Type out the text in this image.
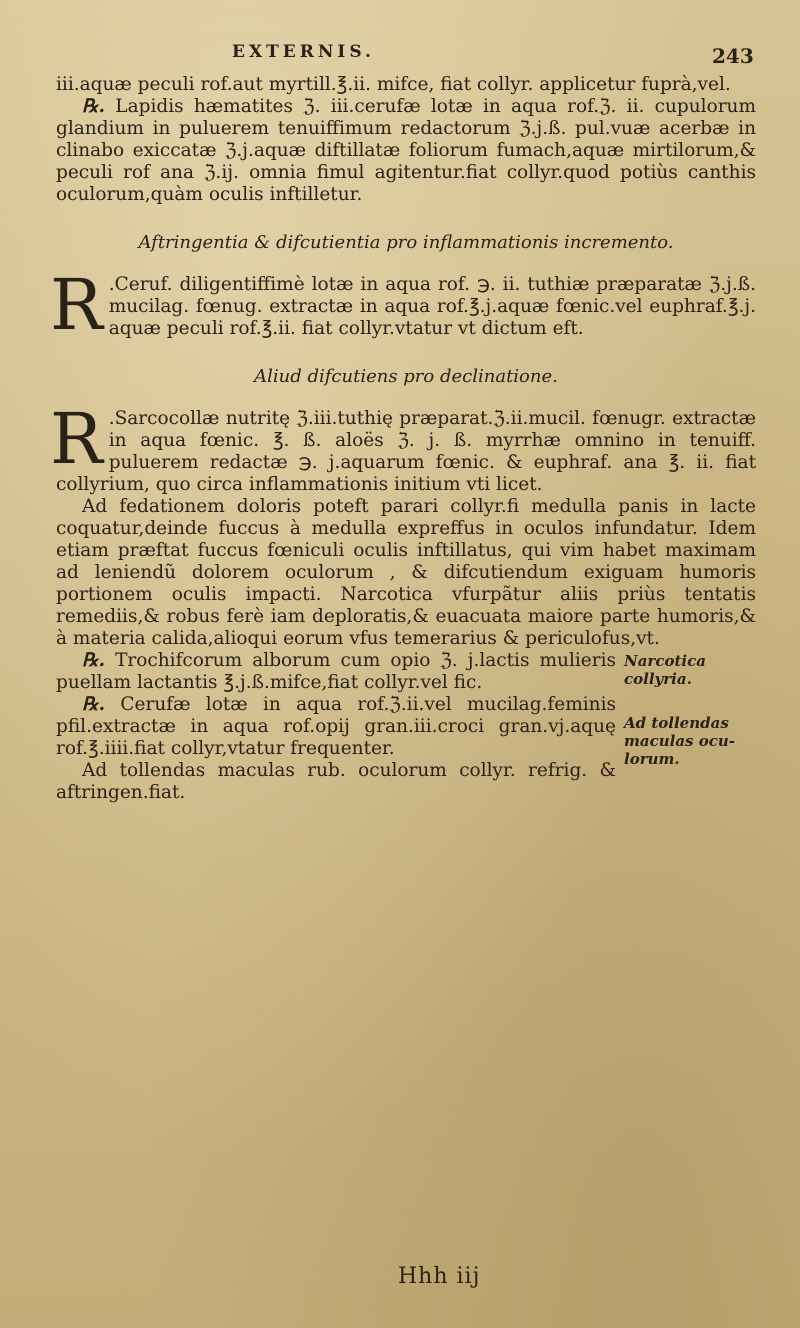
EXTERNIS.	243

iii.aquæ peculi rof.aut myrtill.℥.ii. mifce, fiat collyr. applicetur fuprà,vel.

℞. Lapidis hæmatites ℨ. iii.cerufæ lotæ in aqua rof.ℨ. ii. cupulorum glandium in puluerem tenuiffimum redactorum ℨ.j.ß. pul.vuæ acerbæ in clinabo exiccatæ ℨ.j.aquæ diftillatæ foliorum fumach,aquæ mirtilorum,& peculi rof ana ℨ.ij. omnia fimul agitentur.fiat collyr.quod potiùs canthis oculorum,quàm oculis inftilletur.

Aftringentia & difcutientia pro inflammationis incremento.

R .Ceruf. diligentiffimè lotæ in aqua rof. ℈. ii. tuthiæ præparatæ ℨ.j.ß. mucilag. fœnug. extractæ in aqua rof.℥.j.aquæ fœnic.vel euphraf.℥.j. aquæ peculi rof.℥.ii. fiat collyr.vtatur vt dictum eft.

Aliud difcutiens pro declinatione.

R .Sarcocollæ nutritę ℨ.iii.tuthię præparat.ℨ.ii.mucil. fœnugr. extractæ in aqua fœnic. ℥. ß. aloës ℨ. j. ß. myrrhæ omnino in tenuiff. puluerem redactæ ℈. j.aquarum fœnic. & euphraf. ana ℥. ii. fiat collyrium, quo circa inflammationis initium vti licet.

Ad fedationem doloris poteft parari collyr.fi medulla panis in lacte coquatur,deinde fuccus à medulla expreffus in oculos infundatur. Idem etiam præftat fuccus fœniculi oculis inftillatus, qui vim habet maximam ad leniendũ dolorem oculorum , & difcutiendum exiguam humoris portionem oculis impacti. Narcotica vfurpãtur aliis priùs tentatis remediis,& robus ferè iam deploratis,& euacuata maiore parte humoris,& à materia calida,alioqui eorum vfus temerarius & periculofus,vt.

℞. Trochifcorum alborum cum opio ℨ. j.lactis mulieris puellam lactantis ℥.j.ß.mifce,fiat collyr.vel fic.

℞. Cerufæ lotæ in aqua rof.ℨ.ii.vel mucilag.feminis pfil.extractæ in aqua rof.opij gran.iii.croci gran.vj.aquę rof.℥.iiii.fiat collyr,vtatur frequenter.

Ad tollendas maculas rub. oculorum collyr. refrig. & aftringen.fiat.

Narcotica collyria.
Ad tollendas maculas ocu- lorum.
Hhh iij
